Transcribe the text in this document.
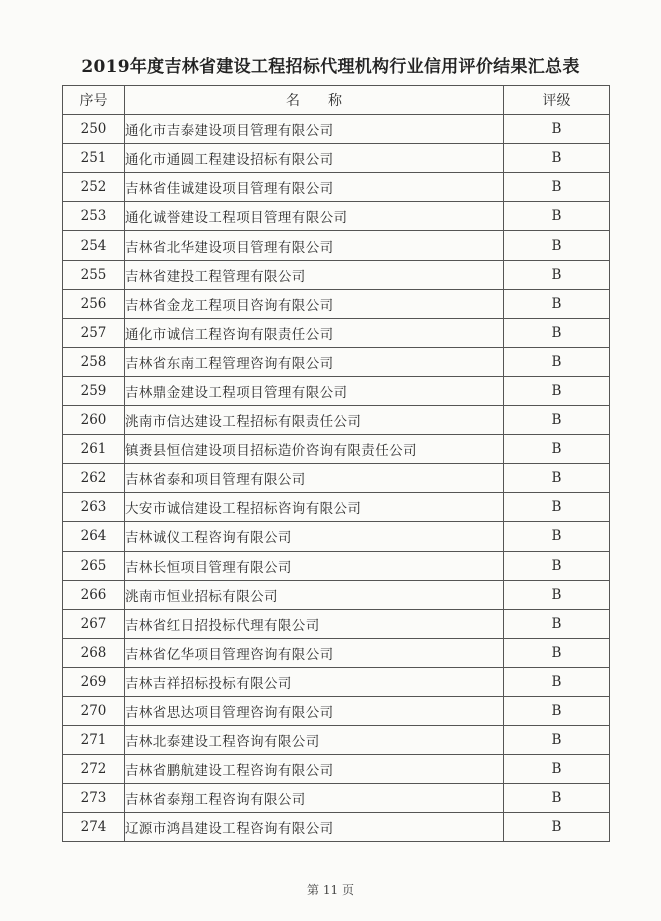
2019年度吉林省建设工程招标代理机构行业信用评价结果汇总表
序号	名　　称	评级
250	通化市吉泰建设项目管理有限公司	B
251	通化市通圆工程建设招标有限公司	B
252	吉林省佳诚建设项目管理有限公司	B
253	通化诚誉建设工程项目管理有限公司	B
254	吉林省北华建设项目管理有限公司	B
255	吉林省建投工程管理有限公司	B
256	吉林省金龙工程项目咨询有限公司	B
257	通化市诚信工程咨询有限责任公司	B
258	吉林省东南工程管理咨询有限公司	B
259	吉林鼎金建设工程项目管理有限公司	B
260	洮南市信达建设工程招标有限责任公司	B
261	镇赉县恒信建设项目招标造价咨询有限责任公司	B
262	吉林省泰和项目管理有限公司	B
263	大安市诚信建设工程招标咨询有限公司	B
264	吉林诚仪工程咨询有限公司	B
265	吉林长恒项目管理有限公司	B
266	洮南市恒业招标有限公司	B
267	吉林省红日招投标代理有限公司	B
268	吉林省亿华项目管理咨询有限公司	B
269	吉林吉祥招标投标有限公司	B
270	吉林省思达项目管理咨询有限公司	B
271	吉林北泰建设工程咨询有限公司	B
272	吉林省鹏航建设工程咨询有限公司	B
273	吉林省泰翔工程咨询有限公司	B
274	辽源市鸿昌建设工程咨询有限公司	B
第 11 页
